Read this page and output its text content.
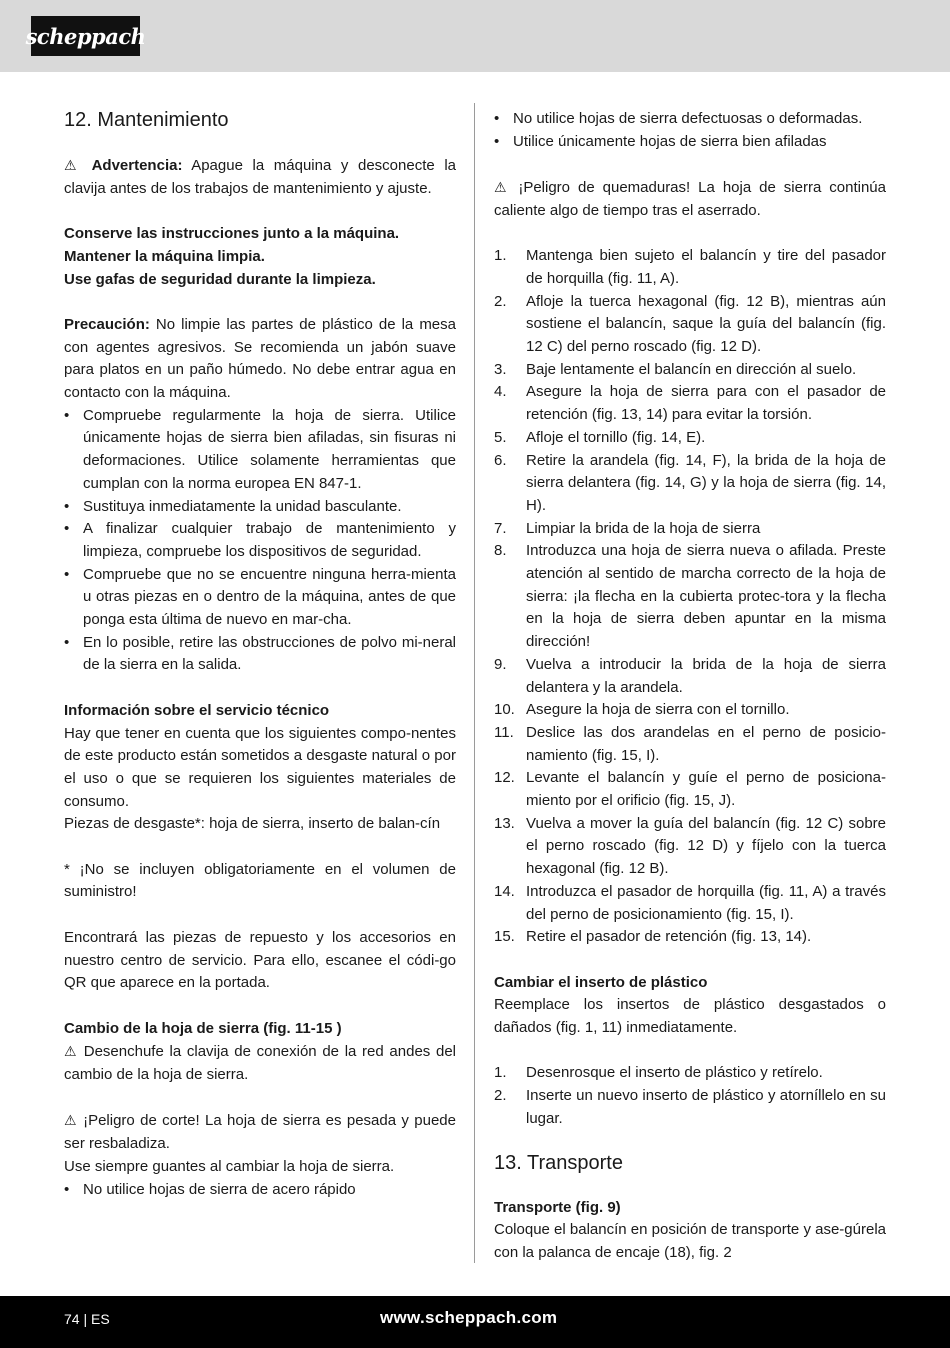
scheppach
12. Mantenimiento

⚠ Advertencia: Apague la máquina y desconecte la clavija antes de los trabajos de mantenimiento y ajuste.

Conserve las instrucciones junto a la máquina.

Mantener la máquina limpia.

Use gafas de seguridad durante la limpieza.

Precaución: No limpie las partes de plástico de la mesa con agentes agresivos. Se recomienda un jabón suave para platos en un paño húmedo. No debe entrar agua en contacto con la máquina.

• Compruebe regularmente la hoja de sierra. Utilice únicamente hojas de sierra bien afiladas, sin fisuras ni deformaciones. Utilice solamente herramientas que cumplan con la norma europea EN 847-1.
• Sustituya inmediatamente la unidad basculante.
• A finalizar cualquier trabajo de mantenimiento y limpieza, compruebe los dispositivos de seguridad.
• Compruebe que no se encuentre ninguna herra-mienta u otras piezas en o dentro de la máquina, antes de que ponga esta última de nuevo en mar-cha.
• En lo posible, retire las obstrucciones de polvo mi-neral de la sierra en la salida.

Información sobre el servicio técnico

Hay que tener en cuenta que los siguientes compo-nentes de este producto están sometidos a desgaste natural o por el uso o que se requieren los siguientes materiales de consumo.

Piezas de desgaste*: hoja de sierra, inserto de balan-cín

* ¡No se incluyen obligatoriamente en el volumen de suministro!

Encontrará las piezas de repuesto y los accesorios en nuestro centro de servicio. Para ello, escanee el códi-go QR que aparece en la portada.

Cambio de la hoja de sierra (fig. 11-15 )

⚠ Desenchufe la clavija de conexión de la red andes del cambio de la hoja de sierra.

⚠ ¡Peligro de corte! La hoja de sierra es pesada y puede ser resbaladiza.

Use siempre guantes al cambiar la hoja de sierra.

• No utilice hojas de sierra de acero rápido
• No utilice hojas de sierra defectuosas o deformadas.
• Utilice únicamente hojas de sierra bien afiladas

⚠ ¡Peligro de quemaduras! La hoja de sierra continúa caliente algo de tiempo tras el aserrado.

1. Mantenga bien sujeto el balancín y tire del pasador de horquilla (fig. 11, A).
2. Afloje la tuerca hexagonal (fig. 12 B), mientras aún sostiene el balancín, saque la guía del balancín (fig. 12 C) del perno roscado (fig. 12 D).
3. Baje lentamente el balancín en dirección al suelo.
4. Asegure la hoja de sierra para con el pasador de retención (fig. 13, 14) para evitar la torsión.
5. Afloje el tornillo (fig. 14, E).
6. Retire la arandela (fig. 14, F), la brida de la hoja de sierra delantera (fig. 14, G) y la hoja de sierra (fig. 14, H).
7. Limpiar la brida de la hoja de sierra
8. Introduzca una hoja de sierra nueva o afilada. Preste atención al sentido de marcha correcto de la hoja de sierra: ¡la flecha en la cubierta protec-tora y la flecha en la hoja de sierra deben apuntar en la misma dirección!
9. Vuelva a introducir la brida de la hoja de sierra delantera y la arandela.
10. Asegure la hoja de sierra con el tornillo.
11. Deslice las dos arandelas en el perno de posicio-namiento (fig. 15, I).
12. Levante el balancín y guíe el perno de posiciona-miento por el orificio (fig. 15, J).
13. Vuelva a mover la guía del balancín (fig. 12 C) sobre el perno roscado (fig. 12 D) y fíjelo con la tuerca hexagonal (fig. 12 B).
14. Introduzca el pasador de horquilla (fig. 11, A) a través del perno de posicionamiento (fig. 15, I).
15. Retire el pasador de retención (fig. 13, 14).

Cambiar el inserto de plástico

Reemplace los insertos de plástico desgastados o dañados (fig. 1, 11) inmediatamente.

1. Desenrosque el inserto de plástico y retírelo.
2. Inserte un nuevo inserto de plástico y atorníllelo en su lugar.
13. Transporte

Transporte (fig. 9)

Coloque el balancín en posición de transporte y ase-gúrela con la palanca de encaje (18), fig. 2

74 | ES	www.scheppach.com
